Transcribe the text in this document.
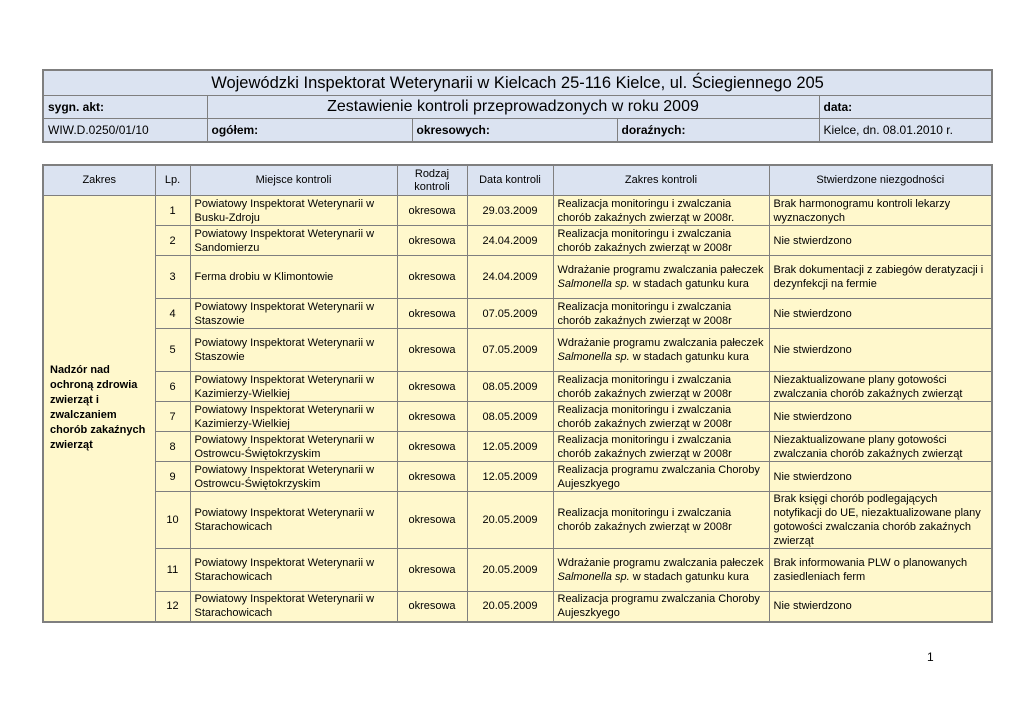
Wojewódzki Inspektorat Weterynarii w Kielcach 25-116 Kielce, ul. Ściegiennego 205				
sygn. akt:	Zestawienie kontroli przeprowadzonych w roku 2009			data:
WIW.D.0250/01/10	ogółem:	okresowych:	doraźnych:	Kielce, dn. 08.01.2010 r.
Zakres	Lp.	Miejsce kontroli	Rodzaj kontroli	Data kontroli	Zakres kontroli	Stwierdzone niezgodności
Nadzór nad ochroną zdrowia zwierząt i zwalczaniem chorób zakaźnych zwierząt	1	Powiatowy Inspektorat Weterynarii w Busku-Zdroju	okresowa	29.03.2009	Realizacja monitoringu i zwalczania chorób zakaźnych zwierząt w 2008r.	Brak harmonogramu kontroli lekarzy wyznaczonych
	2	Powiatowy Inspektorat Weterynarii w Sandomierzu	okresowa	24.04.2009	Realizacja monitoringu i zwalczania chorób zakaźnych zwierząt w 2008r	Nie stwierdzono
	3	Ferma drobiu w Klimontowie	okresowa	24.04.2009	Wdrażanie programu zwalczania pałeczek Salmonella sp. w stadach gatunku kura	Brak dokumentacji z zabiegów deratyzacji i dezynfekcji na fermie
	4	Powiatowy Inspektorat Weterynarii w Staszowie	okresowa	07.05.2009	Realizacja monitoringu i zwalczania chorób zakaźnych zwierząt w 2008r	Nie stwierdzono
	5	Powiatowy Inspektorat Weterynarii w Staszowie	okresowa	07.05.2009	Wdrażanie programu zwalczania pałeczek Salmonella sp. w stadach gatunku kura	Nie stwierdzono
	6	Powiatowy Inspektorat Weterynarii w Kazimierzy-Wielkiej	okresowa	08.05.2009	Realizacja monitoringu i zwalczania chorób zakaźnych zwierząt w 2008r	Niezaktualizowane plany gotowości zwalczania chorób zakaźnych zwierząt
	7	Powiatowy Inspektorat Weterynarii w Kazimierzy-Wielkiej	okresowa	08.05.2009	Realizacja monitoringu i zwalczania chorób zakaźnych zwierząt w 2008r	Nie stwierdzono
	8	Powiatowy Inspektorat Weterynarii w Ostrowcu-Świętokrzyskim	okresowa	12.05.2009	Realizacja monitoringu i zwalczania chorób zakaźnych zwierząt w 2008r	Niezaktualizowane plany gotowości zwalczania chorób zakaźnych zwierząt
	9	Powiatowy Inspektorat Weterynarii w Ostrowcu-Świętokrzyskim	okresowa	12.05.2009	Realizacja programu zwalczania Choroby Aujeszkyego	Nie stwierdzono
	10	Powiatowy Inspektorat Weterynarii w Starachowicach	okresowa	20.05.2009	Realizacja monitoringu i zwalczania chorób zakaźnych zwierząt w 2008r	Brak księgi chorób podlegających notyfikacji do UE, niezaktualizowane plany gotowości zwalczania chorób zakaźnych zwierząt
	11	Powiatowy Inspektorat Weterynarii w Starachowicach	okresowa	20.05.2009	Wdrażanie programu zwalczania pałeczek Salmonella sp. w stadach gatunku kura	Brak informowania PLW o planowanych zasiedleniach ferm
	12	Powiatowy Inspektorat Weterynarii w Starachowicach	okresowa	20.05.2009	Realizacja programu zwalczania Choroby Aujeszkyego	Nie stwierdzono
1
